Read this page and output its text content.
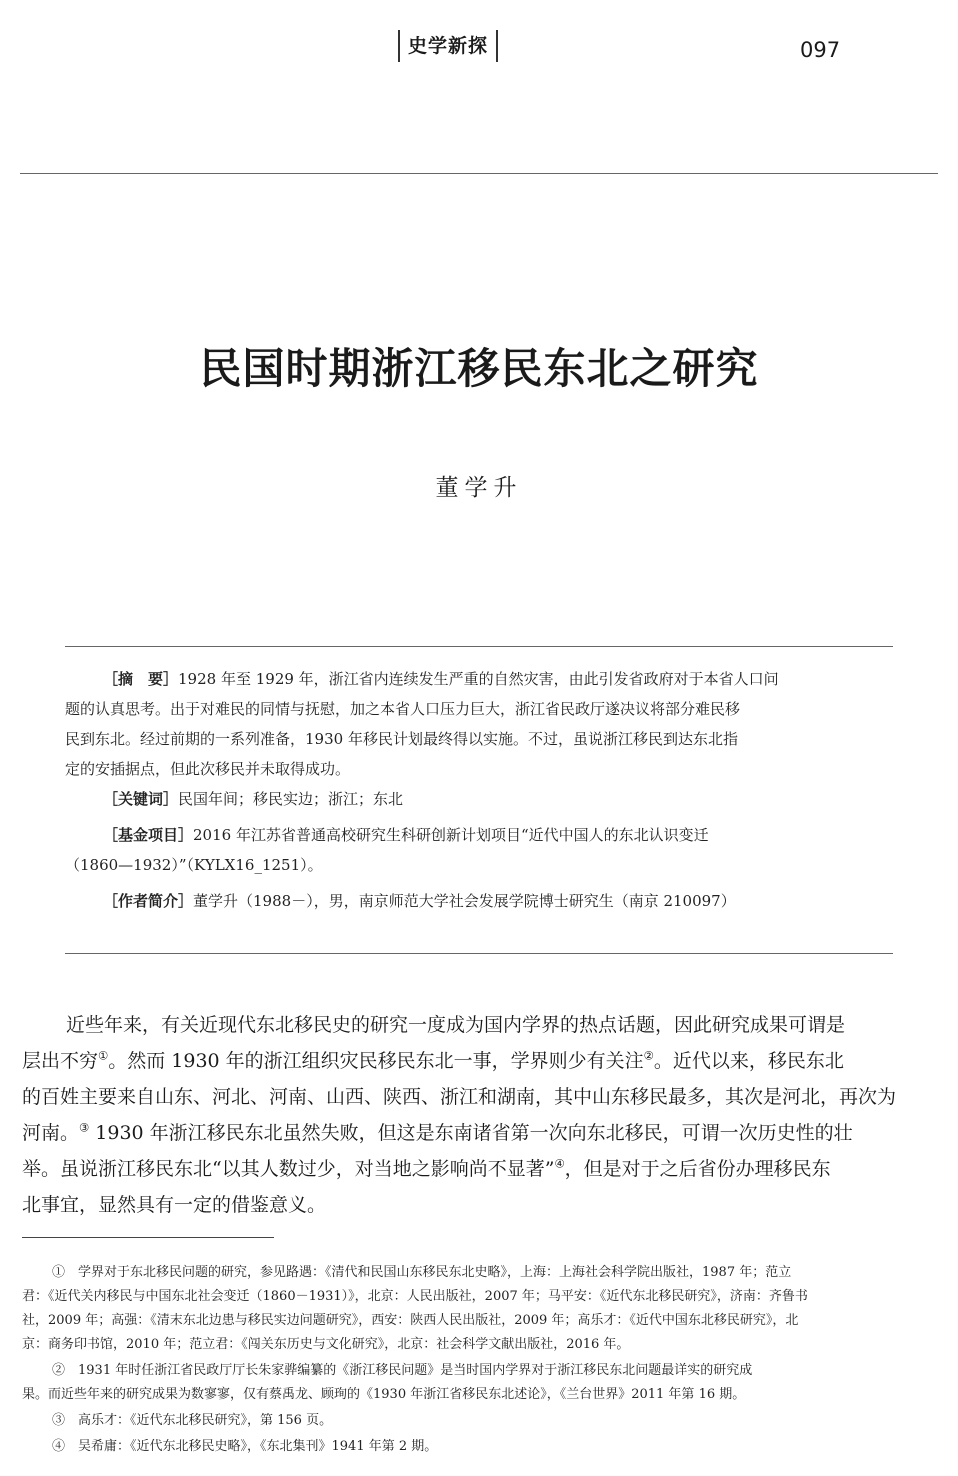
史学新探	097
民国时期浙江移民东北之研究
董学升
［摘　要］1928 年至 1929 年，浙江省内连续发生严重的自然灾害，由此引发省政府对于本省人口问
题的认真思考。出于对难民的同情与抚慰，加之本省人口压力巨大，浙江省民政厅遂决议将部分难民移
民到东北。经过前期的一系列准备，1930 年移民计划最终得以实施。不过，虽说浙江移民到达东北指
定的安插据点，但此次移民并未取得成功。
［关键词］民国年间；移民实边；浙江；东北
［基金项目］2016 年江苏省普通高校研究生科研创新计划项目“近代中国人的东北认识变迁
（1860—1932）”（KYLX16_1251）。
［作者简介］董学升（1988－），男，南京师范大学社会发展学院博士研究生（南京 210097）
近些年来，有关近现代东北移民史的研究一度成为国内学界的热点话题，因此研究成果可谓是
层出不穷①。然而 1930 年的浙江组织灾民移民东北一事，学界则少有关注②。近代以来，移民东北
的百姓主要来自山东、河北、河南、山西、陕西、浙江和湖南，其中山东移民最多，其次是河北，再次为
河南。③ 1930 年浙江移民东北虽然失败，但这是东南诸省第一次向东北移民，可谓一次历史性的壮
举。虽说浙江移民东北“以其人数过少，对当地之影响尚不显著”④，但是对于之后省份办理移民东
北事宜，显然具有一定的借鉴意义。
①　学界对于东北移民问题的研究，参见路遇：《清代和民国山东移民东北史略》，上海：上海社会科学院出版社，1987 年；范立
君：《近代关内移民与中国东北社会变迁（1860－1931）》，北京：人民出版社，2007 年；马平安：《近代东北移民研究》，济南：齐鲁书
社，2009 年；高强：《清末东北边患与移民实边问题研究》，西安：陕西人民出版社，2009 年；高乐才：《近代中国东北移民研究》，北
京：商务印书馆，2010 年；范立君：《闯关东历史与文化研究》，北京：社会科学文献出版社，2016 年。
②　1931 年时任浙江省民政厅厅长朱家骅编纂的《浙江移民问题》是当时国内学界对于浙江移民东北问题最详实的研究成
果。而近些年来的研究成果为数寥寥，仅有蔡禹龙、顾珣的《1930 年浙江省移民东北述论》，《兰台世界》2011 年第 16 期。
③　高乐才：《近代东北移民研究》，第 156 页。
④　吴希庸：《近代东北移民史略》，《东北集刊》1941 年第 2 期。
